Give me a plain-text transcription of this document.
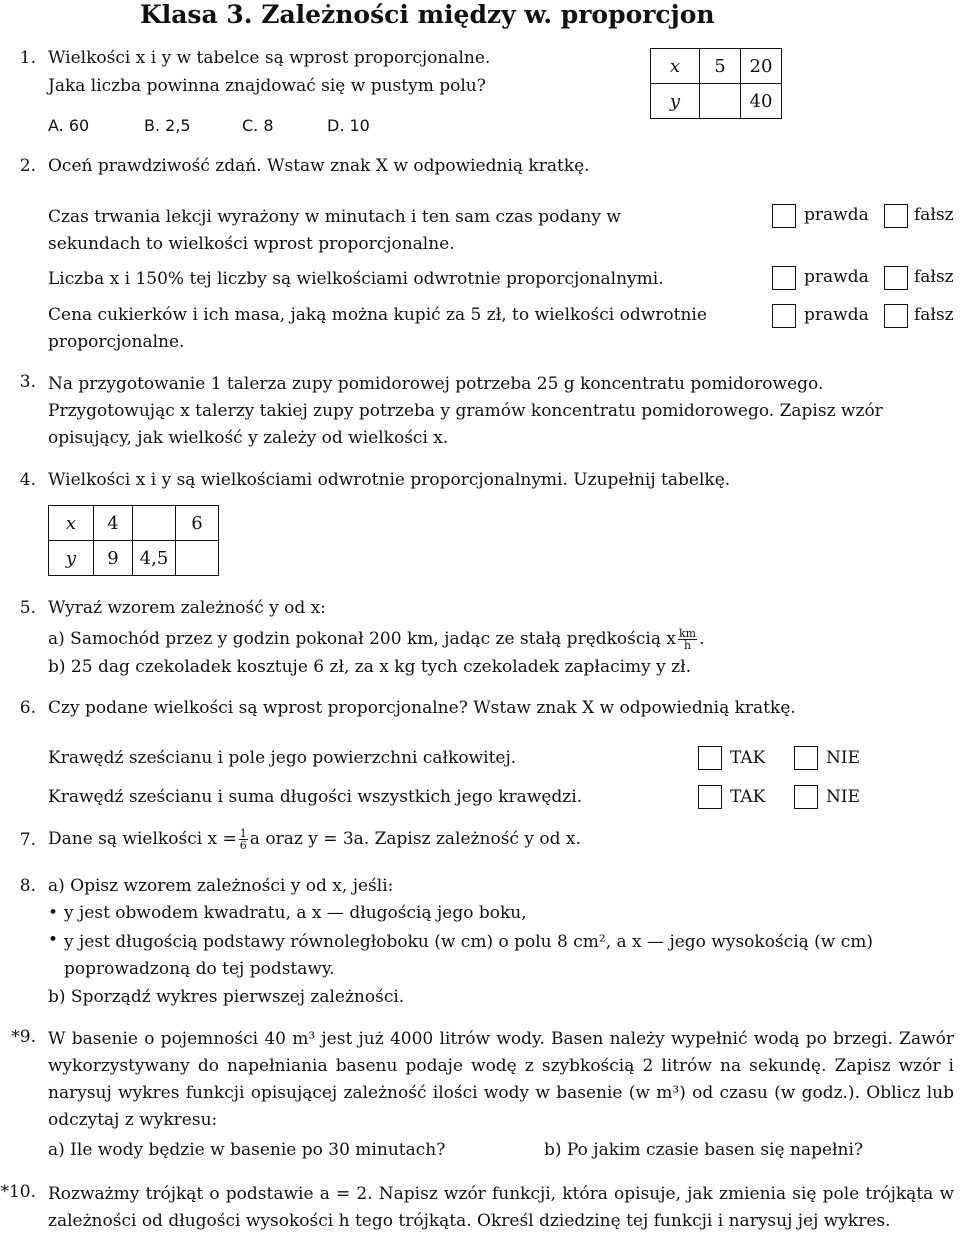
Klasa 3. Zależności między w. proporcjon
1. Wielkości x i y w tabelce są wprost proporcjonalne.
Jaka liczba powinna znajdować się w pustym polu?
A. 60	B. 2,5	C. 8	D. 10
x	5	20
y		40
2. Oceń prawdziwość zdań. Wstaw znak X w odpowiednią kratkę.
Czas trwania lekcji wyrażony w minutach i ten sam czas podany w sekundach to wielkości wprost proporcjonalne.
Liczba x i 150% tej liczby są wielkościami odwrotnie proporcjonalnymi.
Cena cukierków i ich masa, jaką można kupić za 5 zł, to wielkości odwrotnie proporcjonalne.
prawda	fałsz
prawda	fałsz
prawda	fałsz
3. Na przygotowanie 1 talerza zupy pomidorowej potrzeba 25 g koncentratu pomidorowego. Przygotowując x talerzy takiej zupy potrzeba y gramów koncentratu pomidorowego. Zapisz wzór opisujący, jak wielkość y zależy od wielkości x.
4. Wielkości x i y są wielkościami odwrotnie proporcjonalnymi. Uzupełnij tabelkę.
x	4		6
y	9	4,5	
5. Wyraź wzorem zależność y od x:
a) Samochód przez y godzin pokonał 200 km, jadąc ze stałą prędkością x $\frac{km}{h}$ .
b) 25 dag czekoladek kosztuje 6 zł, za x kg tych czekoladek zapłacimy y zł.
6. Czy podane wielkości są wprost proporcjonalne? Wstaw znak X w odpowiednią kratkę.
Krawędź sześcianu i pole jego powierzchni całkowitej.	TAK	NIE
Krawędź sześcianu i suma długości wszystkich jego krawędzi.	TAK	NIE
7. Dane są wielkości $x = \frac{1}{6}$ a oraz y = 3a. Zapisz zależność y od x.
8. a) Opisz wzorem zależności y od x, jeśli:
• y jest obwodem kwadratu, a x — długością jego boku,
• y jest długością podstawy równoległoboku (w cm) o polu 8 cm², a x — jego wysokością (w cm) poprowadzoną do tej podstawy.
b) Sporządź wykres pierwszej zależności.
*9. W basenie o pojemności 40 m³ jest już 4000 litrów wody. Basen należy wypełnić wodą po brzegi. Zawór wykorzystywany do napełniania basenu podaje wodę z szybkością 2 litrów na sekundę. Zapisz wzór i narysuj wykres funkcji opisującej zależność ilości wody w basenie (w m³) od czasu (w godz.). Oblicz lub odczytaj z wykresu:
a) Ile wody będzie w basenie po 30 minutach?	b) Po jakim czasie basen się napełni?
*10. Rozważmy trójkąt o podstawie a = 2. Napisz wzór funkcji, która opisuje, jak zmienia się pole trójkąta w zależności od długości wysokości h tego trójkąta. Określ dziedzinę tej funkcji i narysuj jej wykres.
